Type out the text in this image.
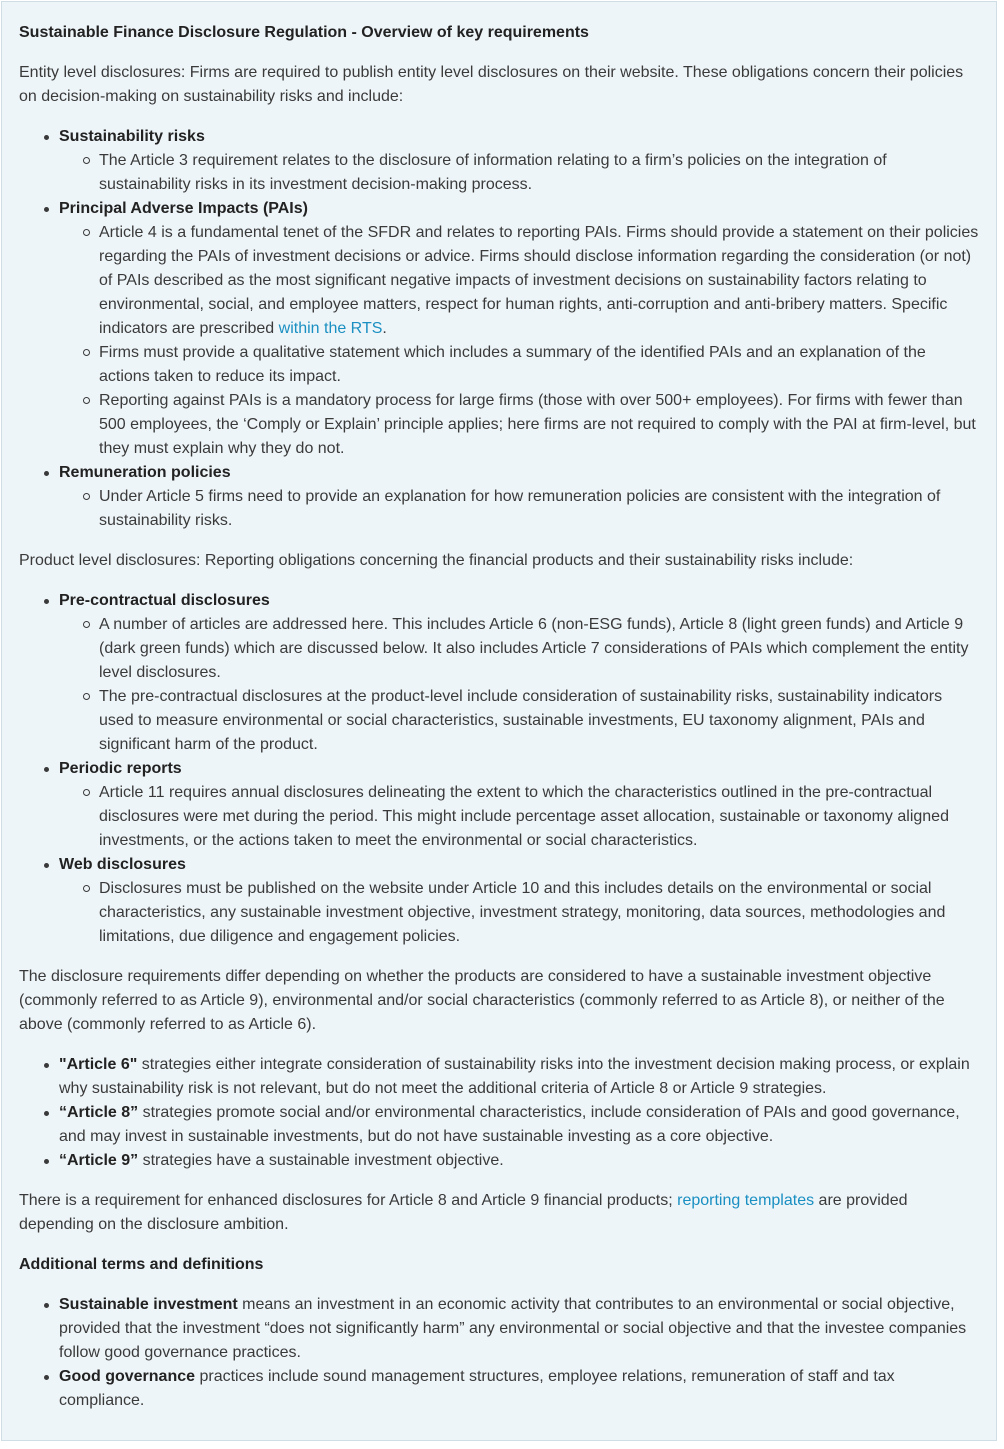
Sustainable Finance Disclosure Regulation - Overview of key requirements

Entity level disclosures: Firms are required to publish entity level disclosures on their website. These obligations concern their policies on decision-making on sustainability risks and include:

Sustainability risks
The Article 3 requirement relates to the disclosure of information relating to a firm’s policies on the integration of sustainability risks in its investment decision-making process.
Principal Adverse Impacts (PAIs)
Article 4 is a fundamental tenet of the SFDR and relates to reporting PAIs. Firms should provide a statement on their policies regarding the PAIs of investment decisions or advice. Firms should disclose information regarding the consideration (or not) of PAIs described as the most significant negative impacts of investment decisions on sustainability factors relating to environmental, social, and employee matters, respect for human rights, anti-corruption and anti-bribery matters. Specific indicators are prescribed within the RTS.
Firms must provide a qualitative statement which includes a summary of the identified PAIs and an explanation of the actions taken to reduce its impact.
Reporting against PAIs is a mandatory process for large firms (those with over 500+ employees). For firms with fewer than 500 employees, the ‘Comply or Explain’ principle applies; here firms are not required to comply with the PAI at firm-level, but they must explain why they do not.
Remuneration policies
Under Article 5 firms need to provide an explanation for how remuneration policies are consistent with the integration of sustainability risks.

Product level disclosures: Reporting obligations concerning the financial products and their sustainability risks include:

Pre-contractual disclosures
A number of articles are addressed here. This includes Article 6 (non-ESG funds), Article 8 (light green funds) and Article 9 (dark green funds) which are discussed below. It also includes Article 7 considerations of PAIs which complement the entity level disclosures.
The pre-contractual disclosures at the product-level include consideration of sustainability risks, sustainability indicators used to measure environmental or social characteristics, sustainable investments, EU taxonomy alignment, PAIs and significant harm of the product.
Periodic reports
Article 11 requires annual disclosures delineating the extent to which the characteristics outlined in the pre-contractual disclosures were met during the period. This might include percentage asset allocation, sustainable or taxonomy aligned investments, or the actions taken to meet the environmental or social characteristics.
Web disclosures
Disclosures must be published on the website under Article 10 and this includes details on the environmental or social characteristics, any sustainable investment objective, investment strategy, monitoring, data sources, methodologies and limitations, due diligence and engagement policies.

The disclosure requirements differ depending on whether the products are considered to have a sustainable investment objective (commonly referred to as Article 9), environmental and/or social characteristics (commonly referred to as Article 8), or neither of the above (commonly referred to as Article 6).

"Article 6" strategies either integrate consideration of sustainability risks into the investment decision making process, or explain why sustainability risk is not relevant, but do not meet the additional criteria of Article 8 or Article 9 strategies.
“Article 8” strategies promote social and/or environmental characteristics, include consideration of PAIs and good governance, and may invest in sustainable investments, but do not have sustainable investing as a core objective.
“Article 9” strategies have a sustainable investment objective.

There is a requirement for enhanced disclosures for Article 8 and Article 9 financial products; reporting templates are provided depending on the disclosure ambition.

Additional terms and definitions

Sustainable investment means an investment in an economic activity that contributes to an environmental or social objective, provided that the investment “does not significantly harm” any environmental or social objective and that the investee companies follow good governance practices.
Good governance practices include sound management structures, employee relations, remuneration of staff and tax compliance.
